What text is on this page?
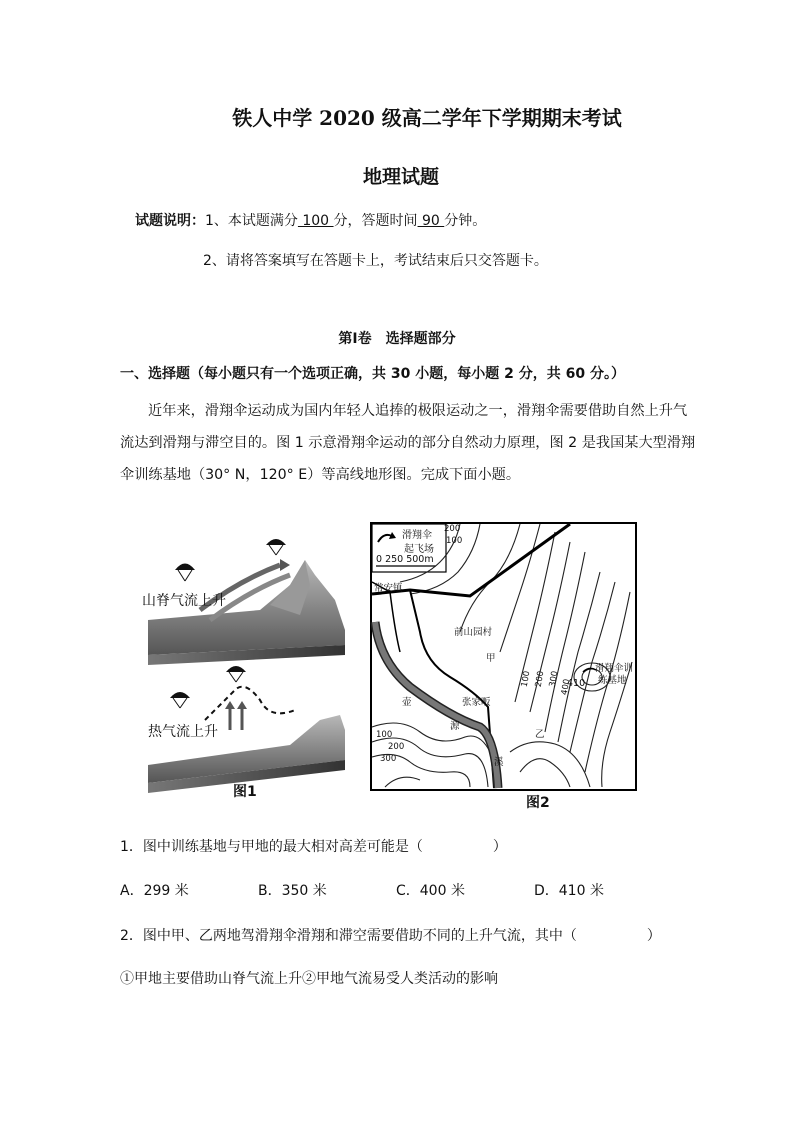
铁人中学 2020 级高二学年下学期期末考试
地理试题
试题说明：1、本试题满分 100 分，答题时间 90 分钟。
2、请将答案填写在答题卡上，考试结束后只交答题卡。
第Ⅰ卷　选择题部分
一、选择题（每小题只有一个选项正确，共 30 小题，每小题 2 分，共 60 分。）
近年来，滑翔伞运动成为国内年轻人追捧的极限运动之一，滑翔伞需要借助自然上升气
流达到滑翔与滞空目的。图 1 示意滑翔伞运动的部分自然动力原理，图 2 是我国某大型滑翔
伞训练基地（30° N，120° E）等高线地形图。完成下面小题。
山脊气流上升
热气流上升
图1
滑翔伞
起飞场
0 250 500m
常安镇
前山园村
甲
乙
张家畈
滑翔伞训
练基地
410
壶
源
溪
200
100
100 200 300 400
100
200
300
图2
1．图中训练基地与甲地的最大相对高差可能是（　　　　　）
A．299 米	B．350 米	C．400 米	D．410 米
2．图中甲、乙两地驾滑翔伞滑翔和滞空需要借助不同的上升气流，其中（　　　　　）
①甲地主要借助山脊气流上升②甲地气流易受人类活动的影响
